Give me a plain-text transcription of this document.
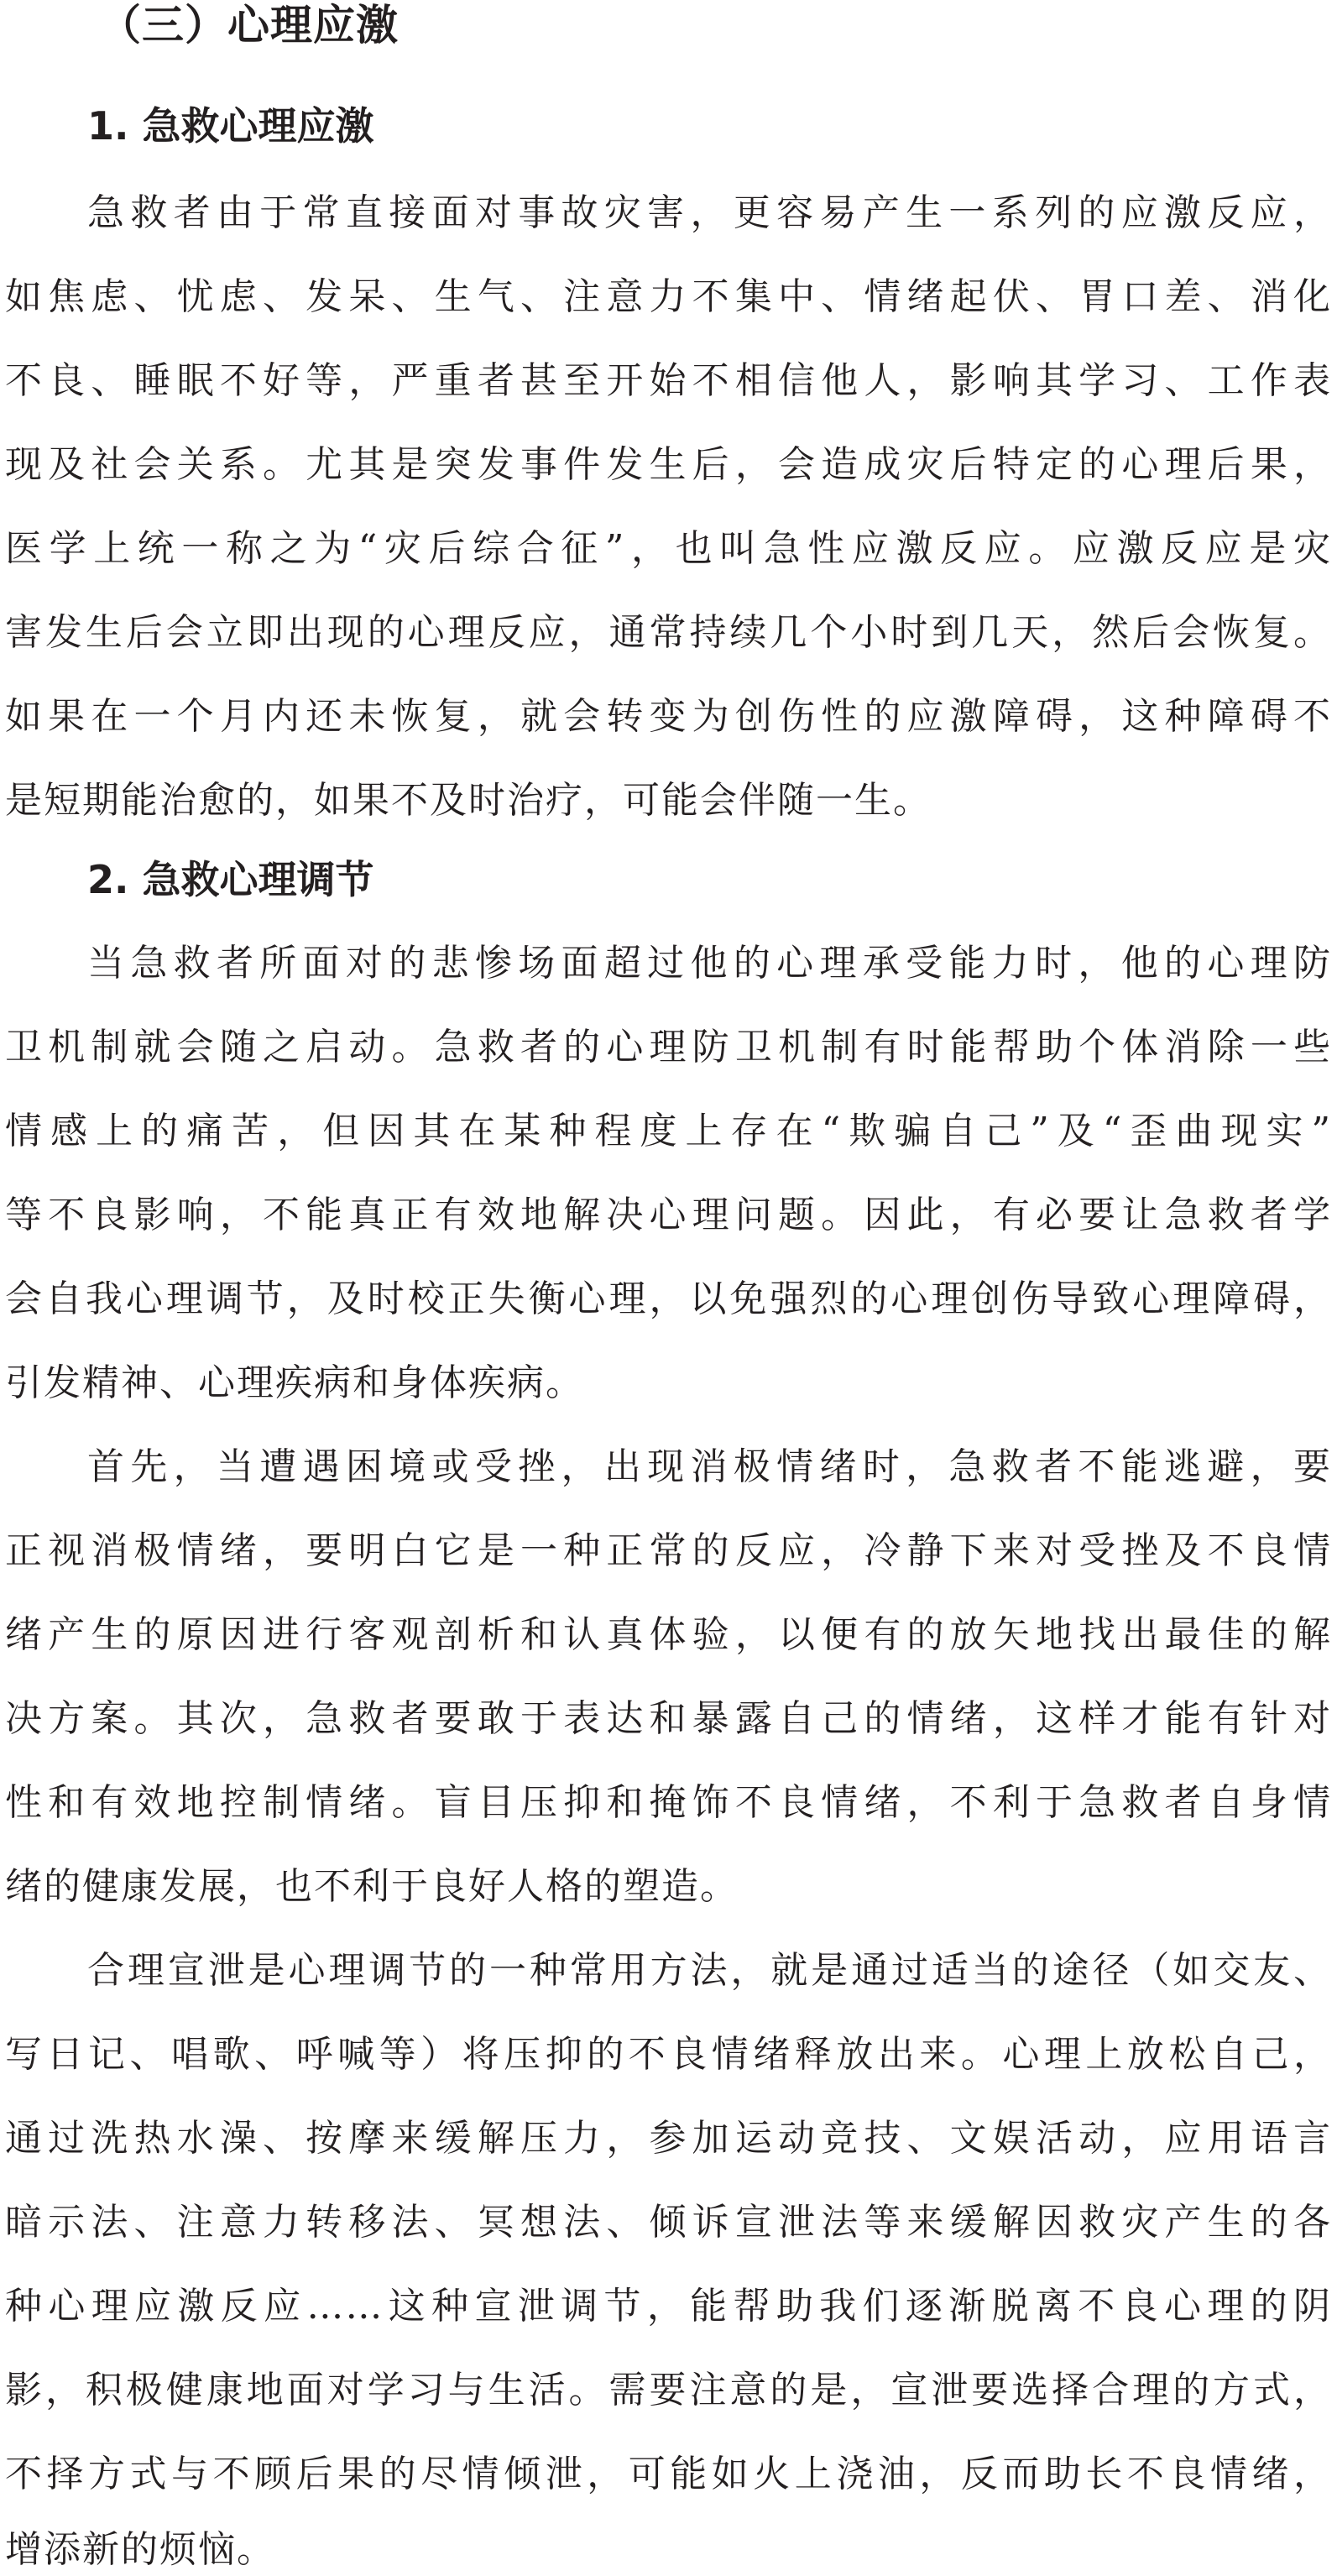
（三）心理应激
1. 急救心理应激
急救者由于常直接面对事故灾害，更容易产生一系列的应激反应，
如焦虑、忧虑、发呆、生气、注意力不集中、情绪起伏、胃口差、消化
不良、睡眠不好等，严重者甚至开始不相信他人，影响其学习、工作表
现及社会关系。尤其是突发事件发生后，会造成灾后特定的心理后果，
医学上统一称之为“灾后综合征”，也叫急性应激反应。应激反应是灾
害发生后会立即出现的心理反应，通常持续几个小时到几天，然后会恢复。
如果在一个月内还未恢复，就会转变为创伤性的应激障碍，这种障碍不
是短期能治愈的，如果不及时治疗，可能会伴随一生。
2. 急救心理调节
当急救者所面对的悲惨场面超过他的心理承受能力时，他的心理防
卫机制就会随之启动。急救者的心理防卫机制有时能帮助个体消除一些
情感上的痛苦，但因其在某种程度上存在“欺骗自己”及“歪曲现实”
等不良影响，不能真正有效地解决心理问题。因此，有必要让急救者学
会自我心理调节，及时校正失衡心理，以免强烈的心理创伤导致心理障碍，
引发精神、心理疾病和身体疾病。
首先，当遭遇困境或受挫，出现消极情绪时，急救者不能逃避，要
正视消极情绪，要明白它是一种正常的反应，冷静下来对受挫及不良情
绪产生的原因进行客观剖析和认真体验，以便有的放矢地找出最佳的解
决方案。其次，急救者要敢于表达和暴露自己的情绪，这样才能有针对
性和有效地控制情绪。盲目压抑和掩饰不良情绪，不利于急救者自身情
绪的健康发展，也不利于良好人格的塑造。
合理宣泄是心理调节的一种常用方法，就是通过适当的途径（如交友、
写日记、唱歌、呼喊等）将压抑的不良情绪释放出来。心理上放松自己，
通过洗热水澡、按摩来缓解压力，参加运动竞技、文娱活动，应用语言
暗示法、注意力转移法、冥想法、倾诉宣泄法等来缓解因救灾产生的各
种心理应激反应……这种宣泄调节，能帮助我们逐渐脱离不良心理的阴
影，积极健康地面对学习与生活。需要注意的是，宣泄要选择合理的方式，
不择方式与不顾后果的尽情倾泄，可能如火上浇油，反而助长不良情绪，
增添新的烦恼。
